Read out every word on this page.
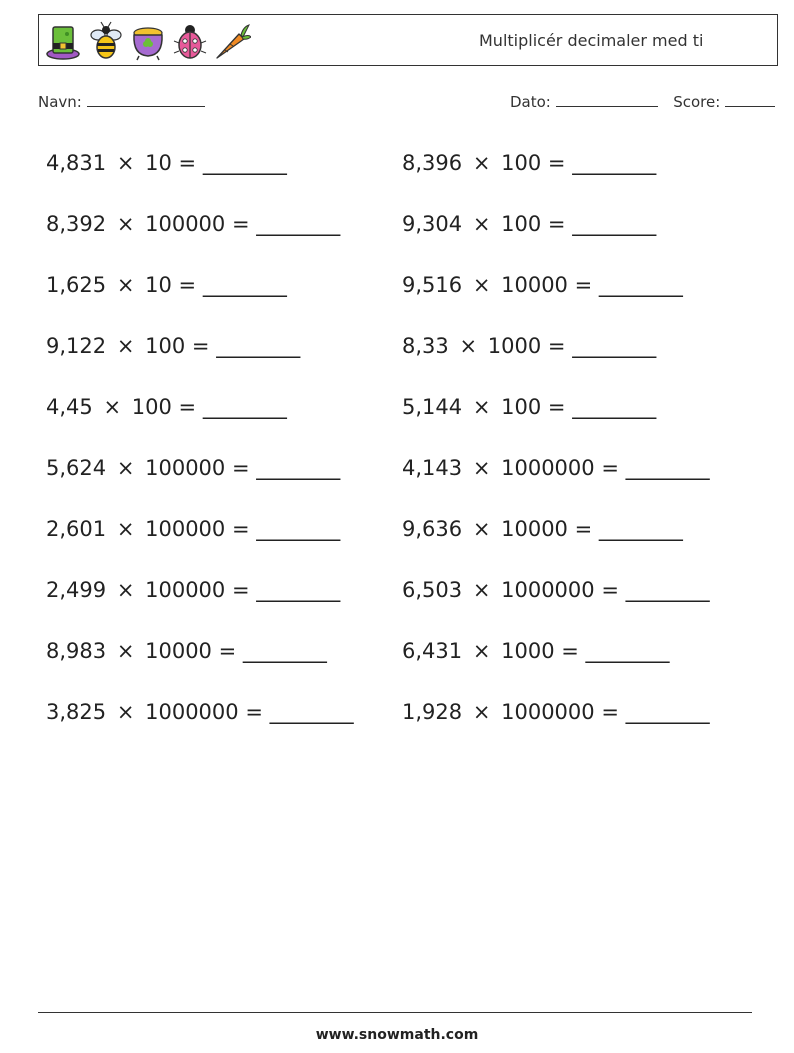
Multiplicér decimaler med ti
Navn:	Dato:	Score:
4,831 × 10 = ________	8,396 × 100 = ________
8,392 × 100000 = ________	9,304 × 100 = ________
1,625 × 10 = ________	9,516 × 10000 = ________
9,122 × 100 = ________	8,33 × 1000 = ________
4,45 × 100 = ________	5,144 × 100 = ________
5,624 × 100000 = ________	4,143 × 1000000 = ________
2,601 × 100000 = ________	9,636 × 10000 = ________
2,499 × 100000 = ________	6,503 × 1000000 = ________
8,983 × 10000 = ________	6,431 × 1000 = ________
3,825 × 1000000 = ________	1,928 × 1000000 = ________
www.snowmath.com
